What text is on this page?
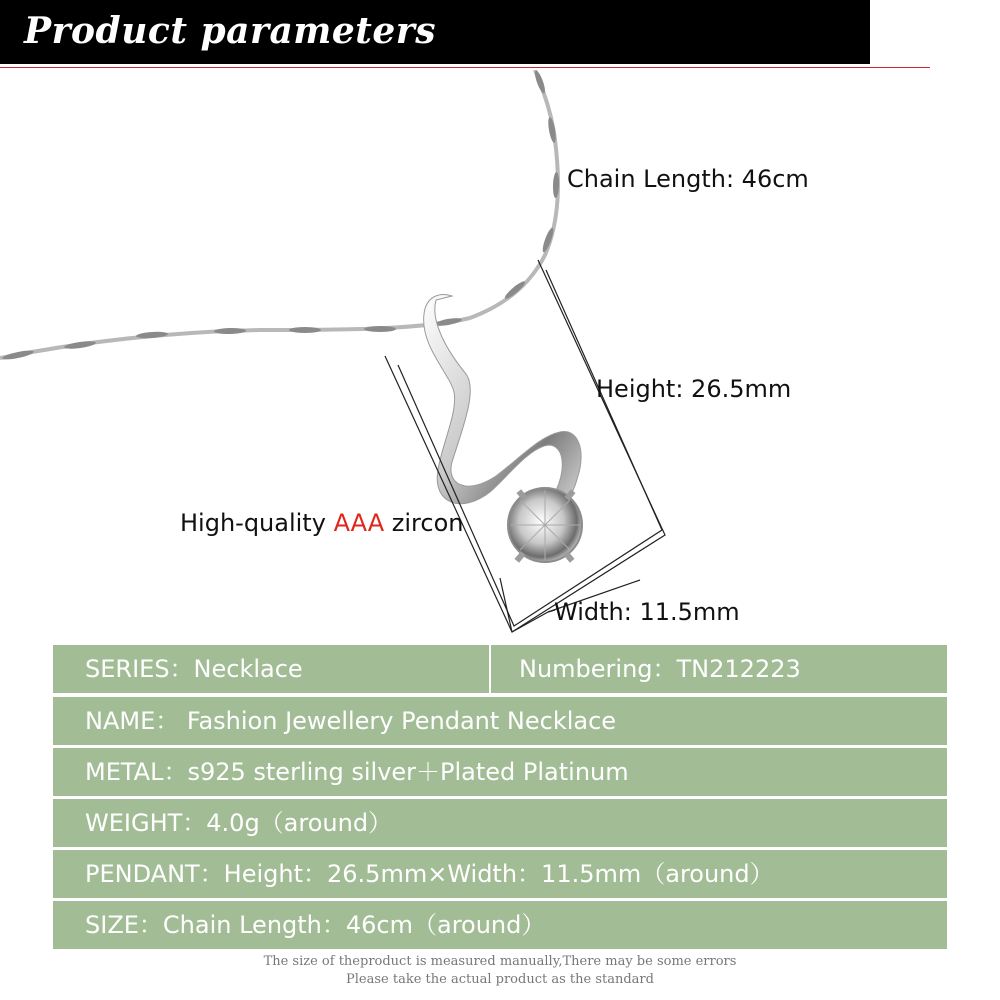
Product parameters
Chain Length: 46cm
Height: 26.5mm
Width: 11.5mm
High-quality AAA zircon
SERIES：Necklace	Numbering：TN212223
NAME： Fashion Jewellery Pendant Necklace
METAL：s925 sterling silver＋Plated Platinum
WEIGHT：4.0g（around）
PENDANT：Height：26.5mm×Width：11.5mm（around）
SIZE：Chain Length：46cm（around）
The size of theproduct is measured manually,There may be some errors
Please take the actual product as the standard
